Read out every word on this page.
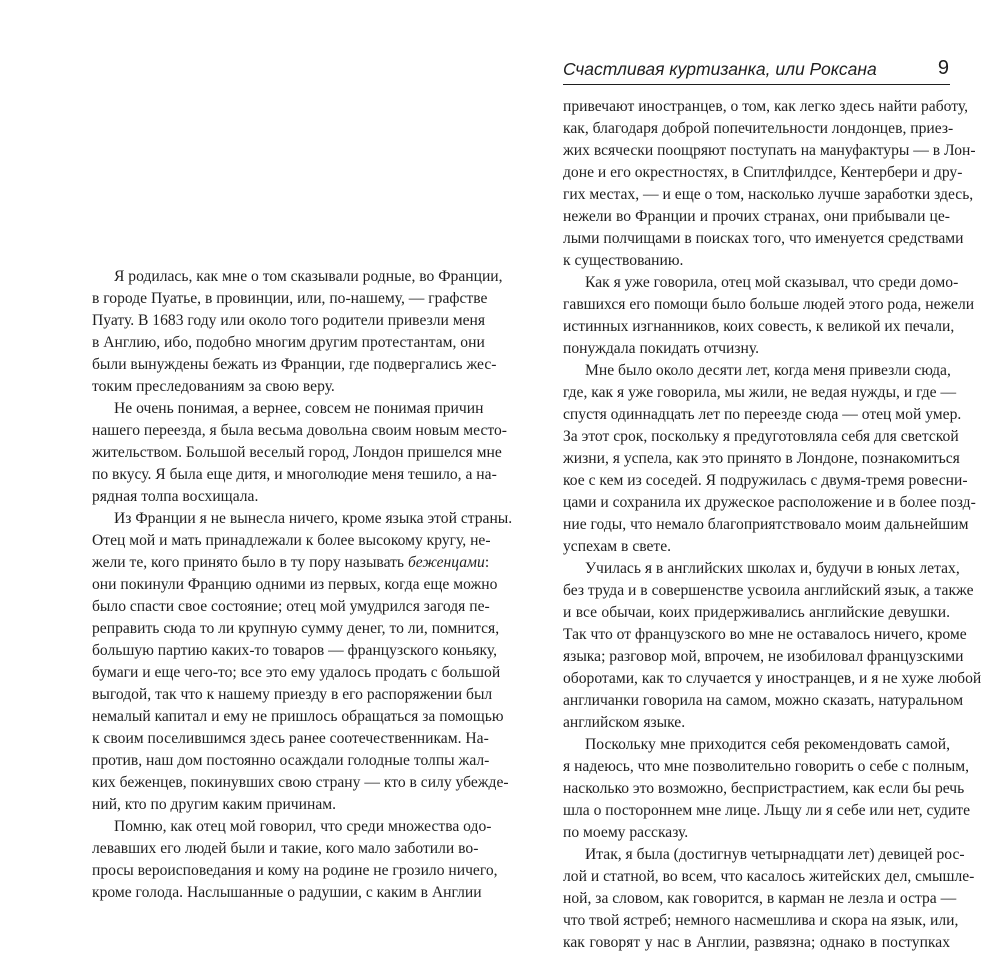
Счастливая куртизанка, или Роксана	9
Я родилась, как мне о том сказывали родные, во Франции,
в городе Пуатье, в провинции, или, по-нашему, — графстве
Пуату. В 1683 году или около того родители привезли меня
в Англию, ибо, подобно многим другим протестантам, они
были вынуждены бежать из Франции, где подвергались жес-
токим преследованиям за свою веру.
Не очень понимая, а вернее, совсем не понимая причин
нашего переезда, я была весьма довольна своим новым место-
жительством. Большой веселый город, Лондон пришелся мне
по вкусу. Я была еще дитя, и многолюдие меня тешило, а на-
рядная толпа восхищала.
Из Франции я не вынесла ничего, кроме языка этой страны.
Отец мой и мать принадлежали к более высокому кругу, не-
жели те, кого принято было в ту пору называть беженцами:
они покинули Францию одними из первых, когда еще можно
было спасти свое состояние; отец мой умудрился загодя пе-
реправить сюда то ли крупную сумму денег, то ли, помнится,
большую партию каких-то товаров — французского коньяку,
бумаги и еще чего-то; все это ему удалось продать с большой
выгодой, так что к нашему приезду в его распоряжении был
немалый капитал и ему не пришлось обращаться за помощью
к своим поселившимся здесь ранее соотечественникам. На-
против, наш дом постоянно осаждали голодные толпы жал-
ких беженцев, покинувших свою страну — кто в силу убежде-
ний, кто по другим каким причинам.
Помню, как отец мой говорил, что среди множества одо-
левавших его людей были и такие, кого мало заботили во-
просы вероисповедания и кому на родине не грозило ничего,
кроме голода. Наслышанные о радушии, с каким в Англии
привечают иностранцев, о том, как легко здесь найти работу,
как, благодаря доброй попечительности лондонцев, приез-
жих всячески поощряют поступать на мануфактуры — в Лон-
доне и его окрестностях, в Спитлфилдсе, Кентербери и дру-
гих местах, — и еще о том, насколько лучше заработки здесь,
нежели во Франции и прочих странах, они прибывали це-
лыми полчищами в поисках того, что именуется средствами
к существованию.
Как я уже говорила, отец мой сказывал, что среди домо-
гавшихся его помощи было больше людей этого рода, нежели
истинных изгнанников, коих совесть, к великой их печали,
понуждала покидать отчизну.
Мне было около десяти лет, когда меня привезли сюда,
где, как я уже говорила, мы жили, не ведая нужды, и где —
спустя одиннадцать лет по переезде сюда — отец мой умер.
За этот срок, поскольку я предуготовляла себя для светской
жизни, я успела, как это принято в Лондоне, познакомиться
кое с кем из соседей. Я подружилась с двумя-тремя ровесни-
цами и сохранила их дружеское расположение и в более позд-
ние годы, что немало благоприятствовало моим дальнейшим
успехам в свете.
Училась я в английских школах и, будучи в юных летах,
без труда и в совершенстве усвоила английский язык, а также
и все обычаи, коих придерживались английские девушки.
Так что от французского во мне не оставалось ничего, кроме
языка; разговор мой, впрочем, не изобиловал французскими
оборотами, как то случается у иностранцев, и я не хуже любой
англичанки говорила на самом, можно сказать, натуральном
английском языке.
Поскольку мне приходится себя рекомендовать самой,
я надеюсь, что мне позволительно говорить о себе с полным,
насколько это возможно, беспристрастием, как если бы речь
шла о постороннем мне лице. Льщу ли я себе или нет, судите
по моему рассказу.
Итак, я была (достигнув четырнадцати лет) девицей рос-
лой и статной, во всем, что касалось житейских дел, смышле-
ной, за словом, как говорится, в карман не лезла и остра —
что твой ястреб; немного насмешлива и скора на язык, или,
как говорят у нас в Англии, развязна; однако в поступках
